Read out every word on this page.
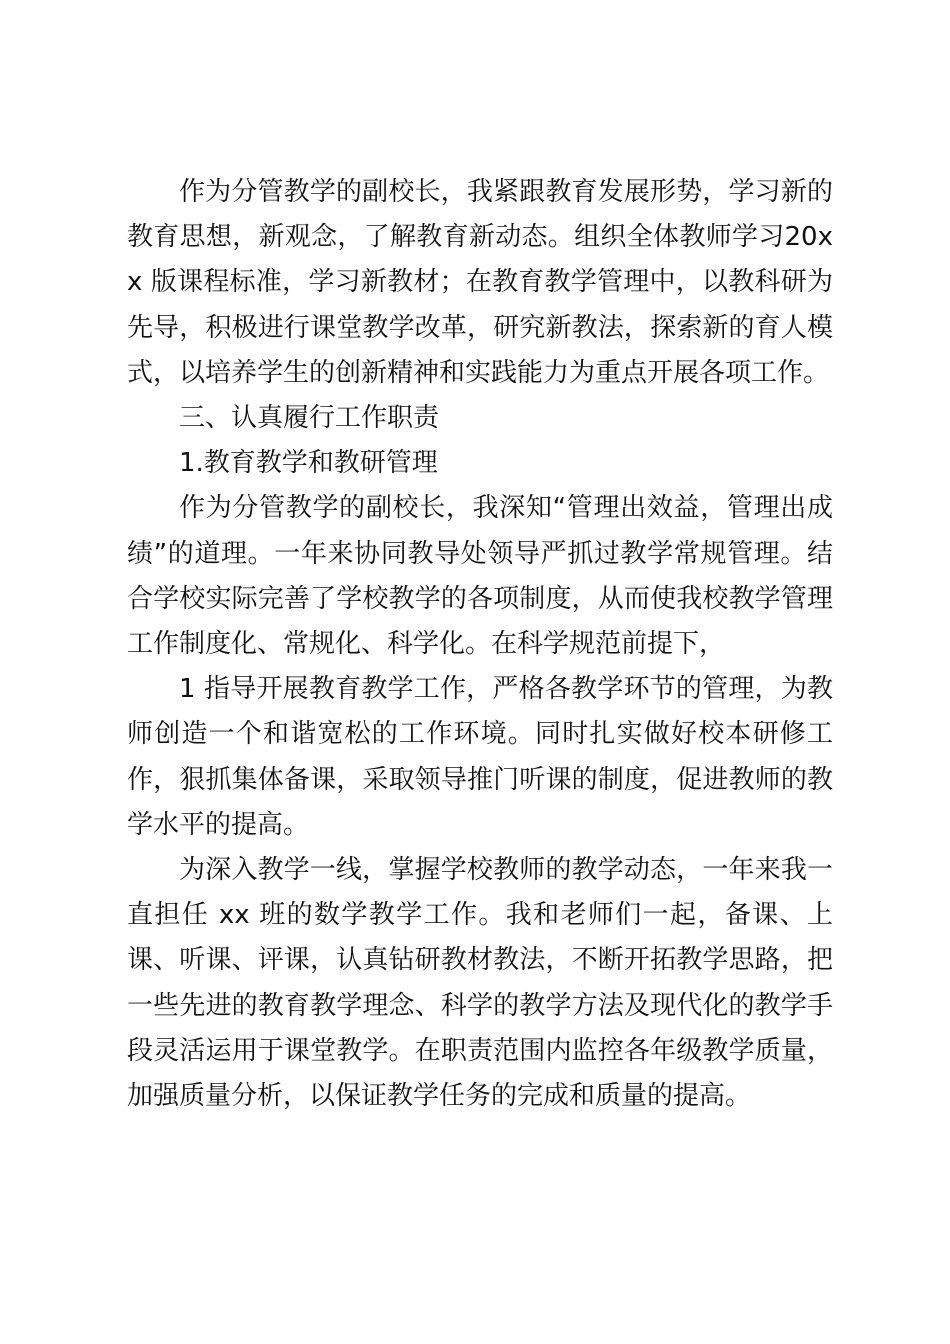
作为分管教学的副校长，我紧跟教育发展形势，学习新的教育思想，新观念，了解教育新动态。组织全体教师学习20xx 版课程标准，学习新教材；在教育教学管理中，以教科研为先导，积极进行课堂教学改革，研究新教法，探索新的育人模式，以培养学生的创新精神和实践能力为重点开展各项工作。

三、认真履行工作职责

1.教育教学和教研管理

作为分管教学的副校长，我深知“管理出效益，管理出成绩”的道理。一年来协同教导处领导严抓过教学常规管理。结合学校实际完善了学校教学的各项制度，从而使我校教学管理工作制度化、常规化、科学化。在科学规范前提下，

1 指导开展教育教学工作，严格各教学环节的管理，为教师创造一个和谐宽松的工作环境。同时扎实做好校本研修工作，狠抓集体备课，采取领导推门听课的制度，促进教师的教学水平的提高。

为深入教学一线，掌握学校教师的教学动态，一年来我一直担任 xx 班的数学教学工作。我和老师们一起，备课、上课、听课、评课，认真钻研教材教法，不断开拓教学思路，把一些先进的教育教学理念、科学的教学方法及现代化的教学手段灵活运用于课堂教学。在职责范围内监控各年级教学质量，加强质量分析，以保证教学任务的完成和质量的提高。
